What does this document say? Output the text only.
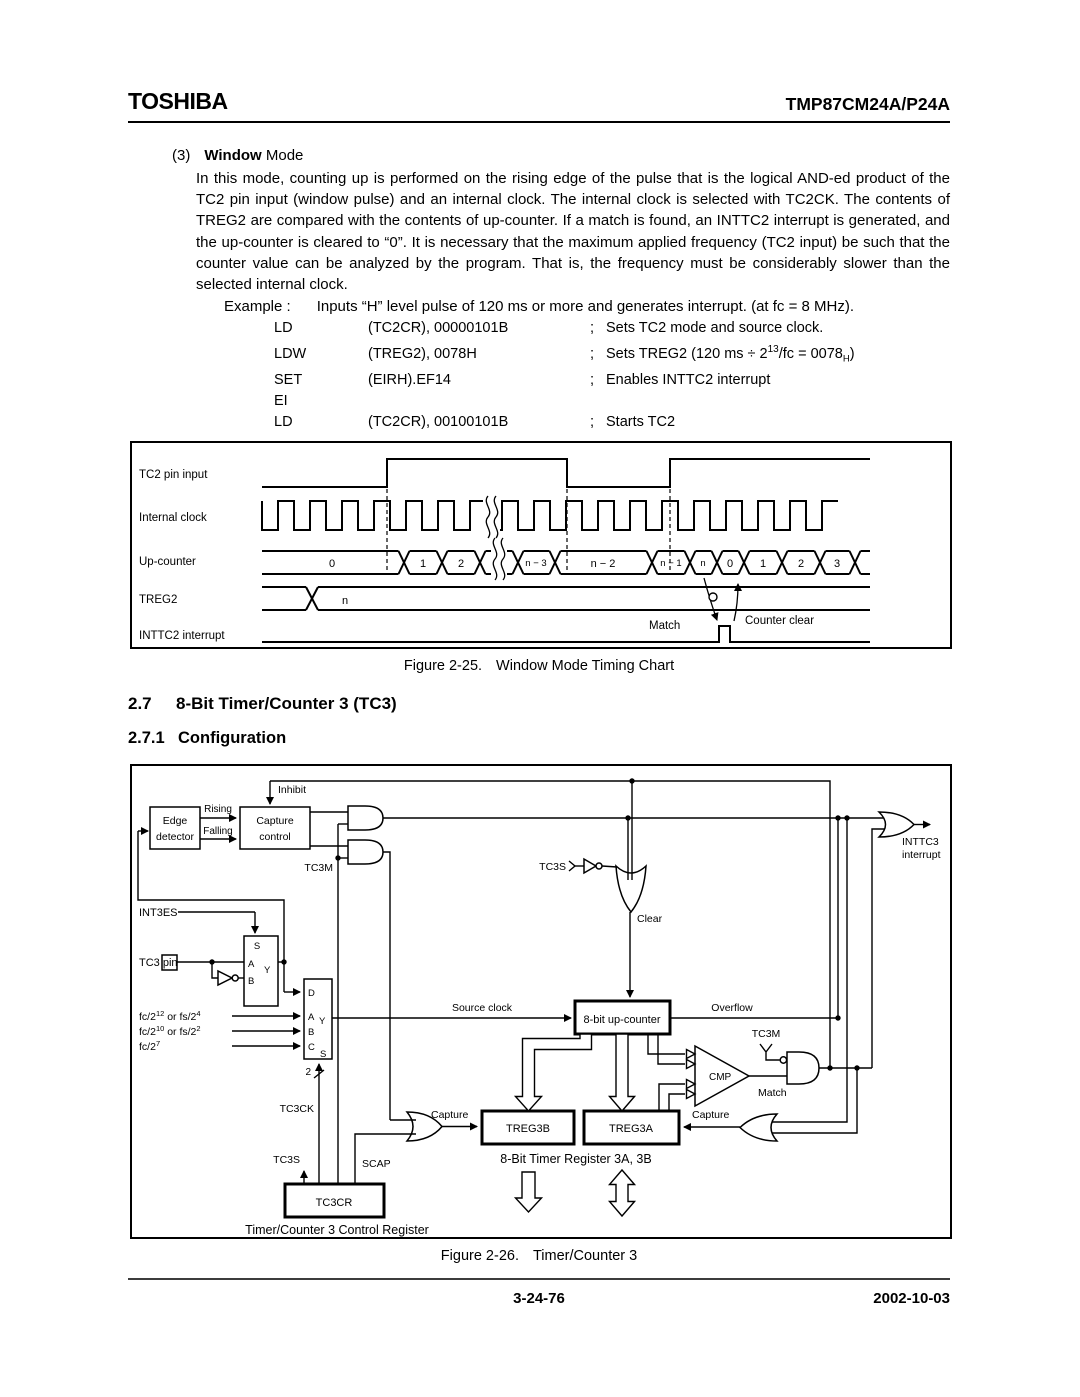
TOSHIBA	TMP87CM24A/P24A
(3) Window Mode
In this mode, counting up is performed on the rising edge of the pulse that is the logical AND-ed product of the TC2 pin input (window pulse) and an internal clock. The internal clock is selected with TC2CK. The contents of TREG2 are compared with the contents of up-counter. If a match is found, an INTTC2 interrupt is generated, and the up-counter is cleared to “0”. It is necessary that the maximum applied frequency (TC2 input) be such that the counter value can be analyzed by the program. That is, the frequency must be considerably slower than the selected internal clock.
Example : Inputs “H” level pulse of 120 ms or more and generates interrupt. (at fc = 8 MHz).
LD	(TC2CR), 00000101B	; Sets TC2 mode and source clock.
LDW	(TREG2), 0078H	; Sets TREG2 (120 ms ÷ $2^{13}/fc = 0078_H$)
SET	(EIRH).EF14	; Enables INTTC2 interrupt
EI
LD	(TC2CR), 00100101B	; Starts TC2
TC2 pin input
Internal clock
Up-counter
TREG2
INTTC2 interrupt
0	1	2	n − 3	n − 2	n − 1 n 0 1	2	3
n
Match	Counter clear
Figure 2-25. Window Mode Timing Chart
2.7 8-Bit Timer/Counter 3 (TC3)
2.7.1 Configuration
Inhibit
Rising
Falling
Edge
detector
Capture
control
TC3M
INT3ES
TC3 pin
S
A
B
Y
D
A Y
B
C
S
$fc/2^{12}$ or $fs/2^4$
$fc/2^{10}$ or $fs/2^2$
$fc/2^7$
2
TC3CK
TC3S
Clear
INTTC3
interrupt
Source clock
8-bit up-counter
Overflow
CMP
TC3M
Match
Capture	Capture
TREG3B	TREG3A
8-Bit Timer Register 3A, 3B
TC3S	SCAP
TC3CR
Timer/Counter 3 Control Register
Figure 2-26. Timer/Counter 3
3-24-76	2002-10-03
